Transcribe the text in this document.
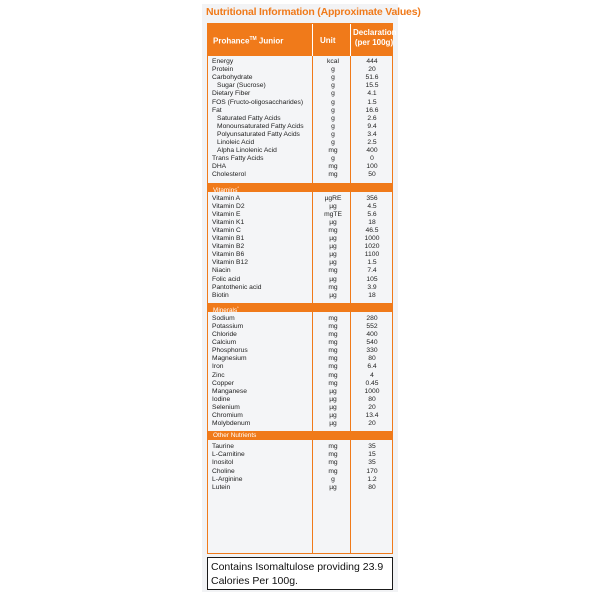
Nutritional Information (Approximate Values)
Prohance™ Junior	Unit
Declaration
(per 100g)
Energy	kcal	444
Protein	g	20
Carbohydrate	g	51.6
Sugar (Sucrose)	g	15.5
Dietary Fiber	g	4.1
FOS (Fructo-oligosaccharides)	g	1.5
Fat	g	16.6
Saturated Fatty Acids	g	2.6
Monounsaturated Fatty Acids	g	9.4
Polyunsaturated Fatty Acids	g	3.4
Linoleic Acid	g	2.5
Alpha Linolenic Acid	mg	400
Trans Fatty Acids	g	0
DHA	mg	100
Cholesterol	mg	50
Vitamins*
Vitamin A	µgRE	356
Vitamin D2	µg	4.5
Vitamin E	mgTE	5.6
Vitamin K1	µg	18
Vitamin C	mg	46.5
Vitamin B1	µg	1000
Vitamin B2	µg	1020
Vitamin B6	µg	1100
Vitamin B12	µg	1.5
Niacin	mg	7.4
Folic acid	µg	105
Pantothenic acid	mg	3.9
Biotin	µg	18
Minerals*
Sodium	mg	280
Potassium	mg	552
Chloride	mg	400
Calcium	mg	540
Phosphorus	mg	330
Magnesium	mg	80
Iron	mg	6.4
Zinc	mg	4
Copper	mg	0.45
Manganese	µg	1000
Iodine	µg	80
Selenium	µg	20
Chromium	µg	13.4
Molybdenum	µg	20
Other Nutrients
Taurine	mg	35
L-Carnitine	mg	15
Inositol	mg	35
Choline	mg	170
L-Arginine	g	1.2
Lutein	µg	80
Contains Isomaltulose providing 23.9 Calories Per 100g.
